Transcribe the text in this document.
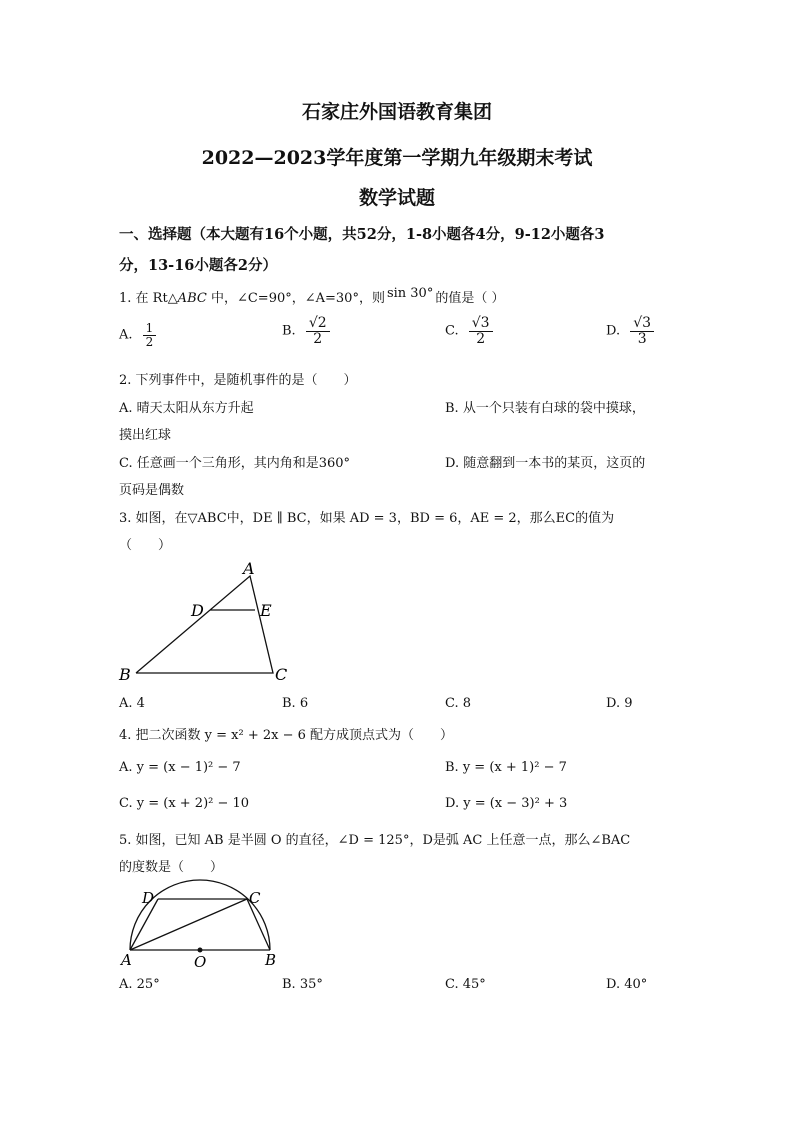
石家庄外国语教育集团
2022—2023学年度第一学期九年级期末考试
数学试题
一、选择题（本大题有16个小题，共52分，1-8小题各4分，9-12小题各3
分，13-16小题各2分）
1. 在 Rt△ABC 中，∠C=90°，∠A=30°，则 sin 30° 的值是（ ）
A. $\frac{1}{2}$	B. $\frac{√2}{2}$	C. $\frac{√3}{2}$	D. $\frac{√3}{3}$
2. 下列事件中，是随机事件的是（　　）
A. 晴天太阳从东方升起	B. 从一个只装有白球的袋中摸球，
摸出红球
C. 任意画一个三角形，其内角和是360°	D. 随意翻到一本书的某页，这页的
页码是偶数
3. 如图，在▽ABC中，DE ∥ BC，如果 AD = 3，BD = 6，AE = 2，那么EC的值为
（　　）
A
D	E
B	C
A. 4	B. 6	C. 8	D. 9
4. 把二次函数 y = x² + 2x − 6 配方成顶点式为（　　）
A. y = (x − 1)² − 7	B. y = (x + 1)² − 7
C. y = (x + 2)² − 10	D. y = (x − 3)² + 3
5. 如图，已知 AB 是半圆 O 的直径，∠D = 125°，D是弧 AC 上任意一点，那么∠BAC
的度数是（　　）
D	C
A	O	B
A. 25°	B. 35°	C. 45°	D. 40°
